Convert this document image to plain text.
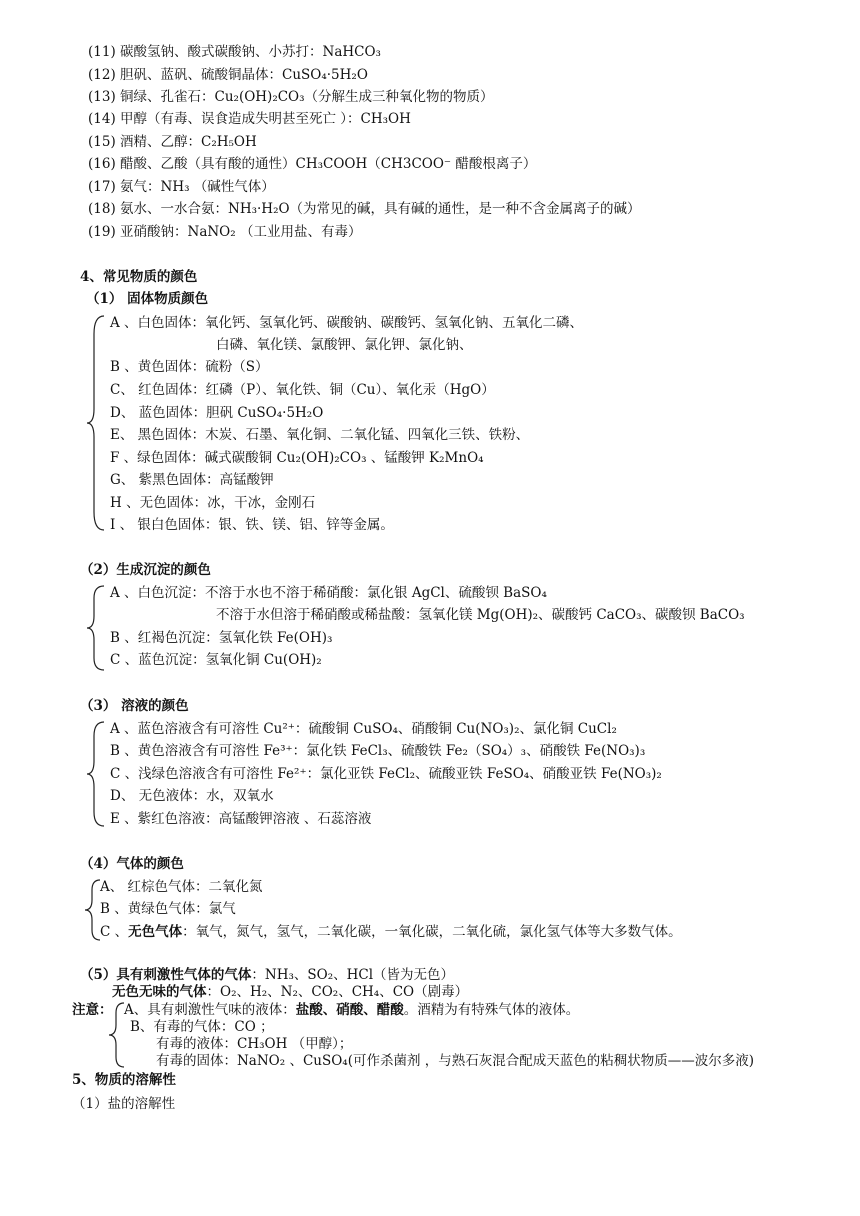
(11) 碳酸氢钠、酸式碳酸钠、小苏打：NaHCO₃
(12) 胆矾、蓝矾、硫酸铜晶体：CuSO₄·5H₂O
(13) 铜绿、孔雀石：Cu₂(OH)₂CO₃（分解生成三种氧化物的物质）
(14) 甲醇（有毒、误食造成失明甚至死亡 ）：CH₃OH
(15) 酒精、乙醇：C₂H₅OH
(16) 醋酸、乙酸（具有酸的通性）CH₃COOH（CH3COO⁻ 醋酸根离子）
(17) 氨气：NH₃ （碱性气体）
(18) 氨水、一水合氨：NH₃·H₂O（为常见的碱，具有碱的通性，是一种不含金属离子的碱）
(19) 亚硝酸钠：NaNO₂ （工业用盐、有毒）
4、常见物质的颜色
（1） 固体物质颜色
A 、白色固体：氧化钙、氢氧化钙、碳酸钠、碳酸钙、氢氧化钠、五氧化二磷、
白磷、氧化镁、氯酸钾、氯化钾、氯化钠、
B 、黄色固体：硫粉（S）
C、 红色固体：红磷（P）、氧化铁、铜（Cu）、氧化汞（HgO）
D、 蓝色固体：胆矾 CuSO₄·5H₂O
E、 黑色固体：木炭、石墨、氧化铜、二氧化锰、四氧化三铁、铁粉、
F 、绿色固体：碱式碳酸铜 Cu₂(OH)₂CO₃ 、锰酸钾 K₂MnO₄
G、 紫黑色固体：高锰酸钾
H 、无色固体：冰，干冰，金刚石
I 、 银白色固体：银、铁、镁、铝、锌等金属。
（2）生成沉淀的颜色
A 、白色沉淀：不溶于水也不溶于稀硝酸：氯化银 AgCl、硫酸钡 BaSO₄
不溶于水但溶于稀硝酸或稀盐酸：氢氧化镁 Mg(OH)₂、碳酸钙 CaCO₃、碳酸钡 BaCO₃
B 、红褐色沉淀：氢氧化铁 Fe(OH)₃
C 、蓝色沉淀：氢氧化铜 Cu(OH)₂
（3） 溶液的颜色
A 、蓝色溶液含有可溶性 Cu²⁺：硫酸铜 CuSO₄、硝酸铜 Cu(NO₃)₂、氯化铜 CuCl₂
B 、黄色溶液含有可溶性 Fe³⁺：氯化铁 FeCl₃、硫酸铁 Fe₂（SO₄）₃、硝酸铁 Fe(NO₃)₃
C 、浅绿色溶液含有可溶性 Fe²⁺：氯化亚铁 FeCl₂、硫酸亚铁 FeSO₄、硝酸亚铁 Fe(NO₃)₂
D、 无色液体：水，双氧水
E 、紫红色溶液：高锰酸钾溶液 、石蕊溶液
（4）气体的颜色
A、 红棕色气体：二氧化氮
B 、黄绿色气体：氯气
C 、无色气体：氧气，氮气，氢气，二氧化碳，一氧化碳，二氧化硫，氯化氢气体等大多数气体。
（5）具有刺激性气体的气体：NH₃、SO₂、HCl（皆为无色）
无色无味的气体：O₂、H₂、N₂、CO₂、CH₄、CO（剧毒）
注意： A、具有刺激性气味的液体：盐酸、硝酸、醋酸。酒精为有特殊气体的液体。
B、有毒的气体：CO ；
有毒的液体：CH₃OH （甲醇）；
有毒的固体：NaNO₂ 、CuSO₄(可作杀菌剂 ，与熟石灰混合配成天蓝色的粘稠状物质——波尔多液)
5、物质的溶解性
（1）盐的溶解性
